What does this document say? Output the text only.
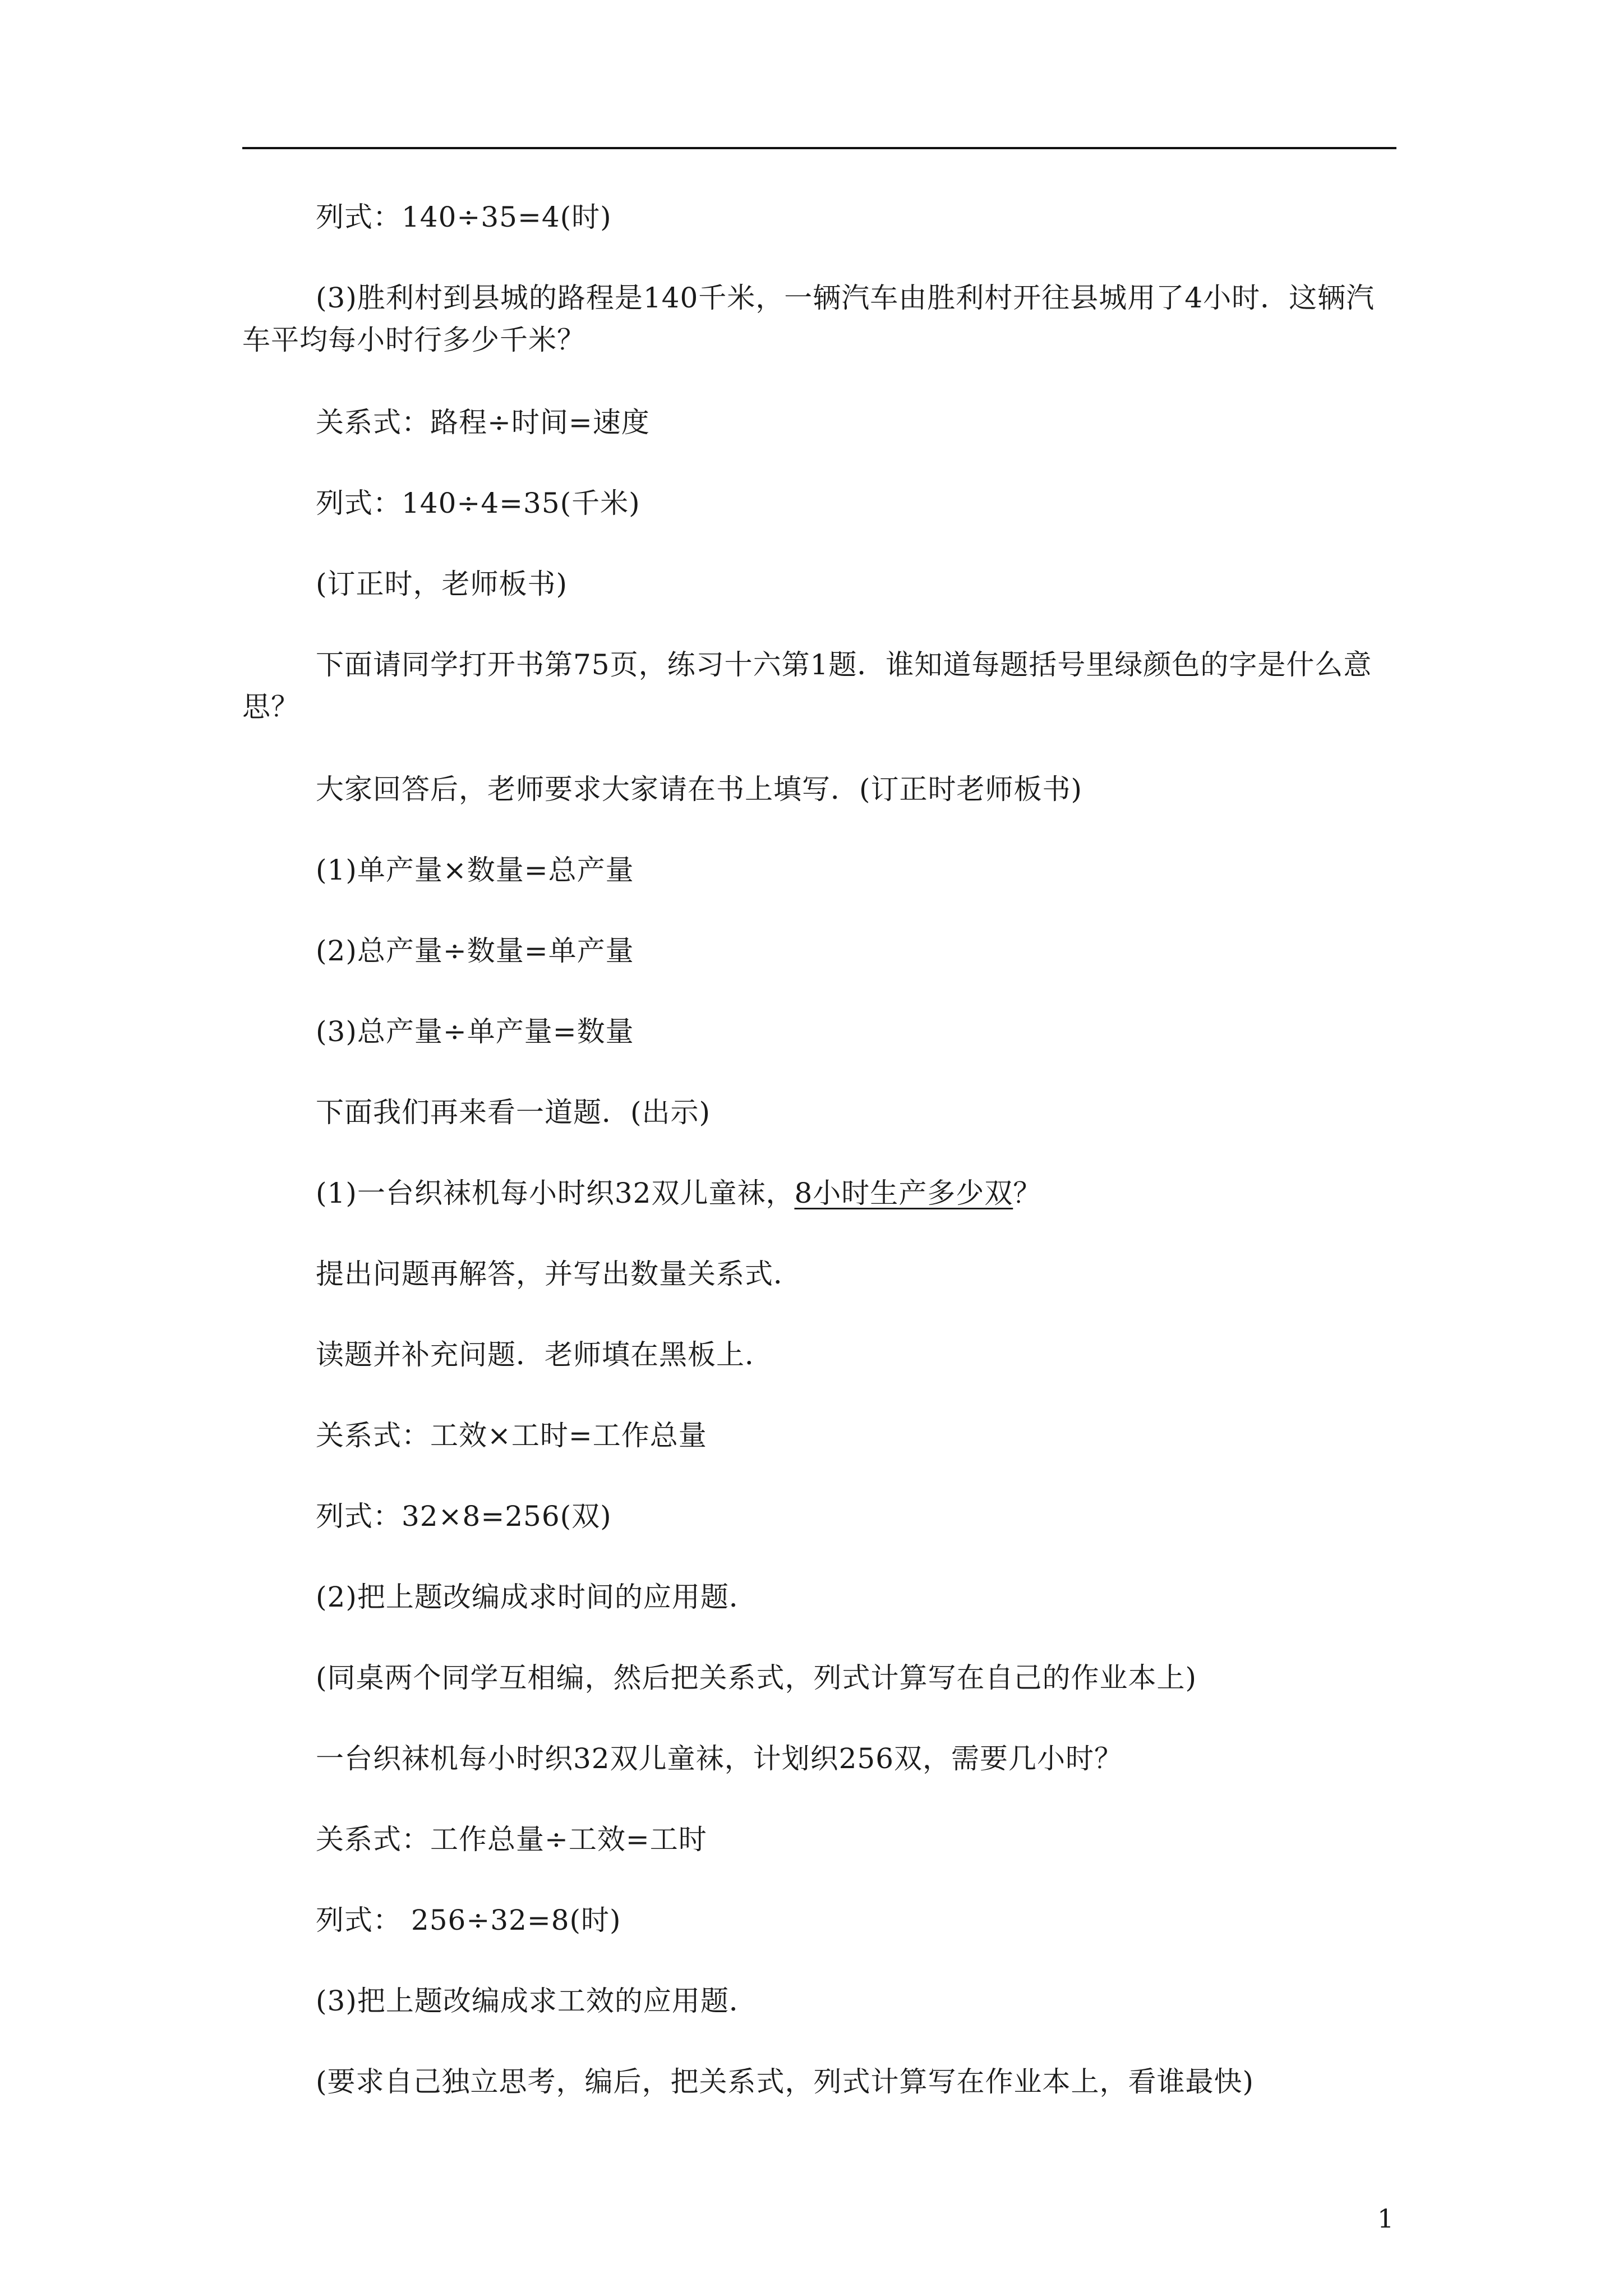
列式：140÷35=4(时)

(3)胜利村到县城的路程是140千米，一辆汽车由胜利村开往县城用了4小时．这辆汽车平均每小时行多少千米？

关系式：路程÷时间=速度

列式：140÷4=35(千米)

(订正时，老师板书)

下面请同学打开书第75页，练习十六第1题．谁知道每题括号里绿颜色的字是什么意思？

大家回答后，老师要求大家请在书上填写．(订正时老师板书)

(1)单产量×数量=总产量

(2)总产量÷数量=单产量

(3)总产量÷单产量=数量

下面我们再来看一道题．(出示)

(1)一台织袜机每小时织32双儿童袜，8小时生产多少双？

提出问题再解答，并写出数量关系式．

读题并补充问题．老师填在黑板上．

关系式：工效×工时=工作总量

列式：32×8=256(双)

(2)把上题改编成求时间的应用题．

(同桌两个同学互相编，然后把关系式，列式计算写在自己的作业本上)

一台织袜机每小时织32双儿童袜，计划织256双，需要几小时？

关系式：工作总量÷工效=工时

列式： 256÷32=8(时)

(3)把上题改编成求工效的应用题．

(要求自己独立思考，编后，把关系式，列式计算写在作业本上，看谁最快)

1
